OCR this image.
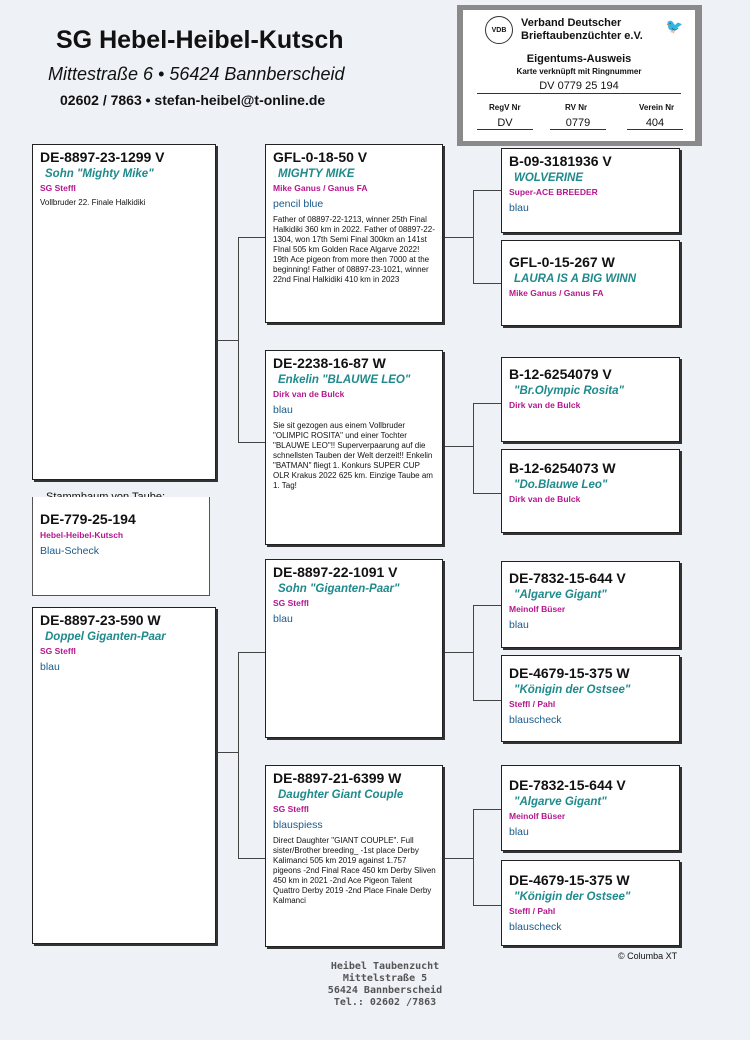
SG Hebel-Heibel-Kutsch
Mittestraße 6 • 56424 Bannberscheid
02602 / 7863 • stefan-heibel@t-online.de
VDB
Verband Deutscher
Brieftaubenzüchter e.V.
🐦
Eigentums-Ausweis
Karte verknüpft mit Ringnummer
DV 0779 25 194
RegV Nr	RV Nr	Verein Nr
DV	0779	404
DE-8897-23-1299 V
Sohn "Mighty Mike"
SG Steffl
Vollbruder 22. Finale Halkidiki
DE-779-25-194
Hebel-Heibel-Kutsch
Blau-Scheck
DE-8897-23-590 W
Doppel Giganten-Paar
SG Steffl
blau
GFL-0-18-50 V
MIGHTY MIKE
Mike Ganus / Ganus FA
pencil blue
Father of 08897-22-1213, winner 25th Final Halkidiki 360 km in 2022. Father of 08897-22-1304, won 17th Semi Final 300km an 141st FInal 505 km Golden Race Algarve 2022! 19th Ace pigeon from more then 7000 at the beginning! Father of 08897-23-1021, winner 22nd Final Halkidiki 410 km in 2023
DE-2238-16-87 W
Enkelin "BLAUWE LEO"
Dirk van de Bulck
blau
Sie sit gezogen aus einem Vollbruder "OLIMPIC ROSITA" und einer Tochter "BLAUWE LEO"!! Superverpaarung auf die schnellsten Tauben der Welt derzeit!! Enkelin "BATMAN" fliegt 1. Konkurs SUPER CUP OLR Krakus 2022 625 km. Einzige Taube am 1. Tag!
DE-8897-22-1091 V
Sohn "Giganten-Paar"
SG Steffl
blau
DE-8897-21-6399 W
Daughter Giant Couple
SG Steffl
blauspiess
Direct Daughter "GIANT COUPLE". Full sister/Brother breeding_ -1st place Derby Kalimanci 505 km 2019 against 1.757 pigeons -2nd Final Race 450 km Derby Sliven 450 km in 2021 -2nd Ace Pigeon Talent Quattro Derby 2019 -2nd Place Finale Derby Kalmanci
B-09-3181936 V
WOLVERINE
Super-ACE BREEDER
blau
GFL-0-15-267 W
LAURA IS A BIG WINN
Mike Ganus / Ganus FA
B-12-6254079 V
"Br.Olympic Rosita"
Dirk van de Bulck
B-12-6254073 W
"Do.Blauwe Leo"
Dirk van de Bulck
DE-7832-15-644 V
"Algarve Gigant"
Meinolf Büser
blau
DE-4679-15-375 W
"Königin der Ostsee"
Steffl / Pahl
blauscheck
DE-7832-15-644 V
"Algarve Gigant"
Meinolf Büser
blau
DE-4679-15-375 W
"Königin der Ostsee"
Steffl / Pahl
blauscheck
© Columba XT
Heibel Taubenzucht
Mittelstraße 5
56424 Bannberscheid
Tel.: 02602 /7863
